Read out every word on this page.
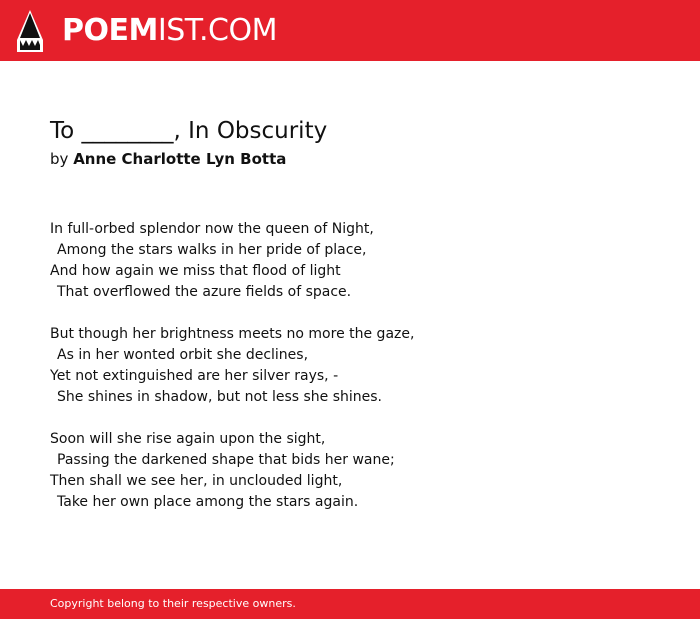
POEMIST.COM
To ________, In Obscurity
by Anne Charlotte Lyn Botta
In full-orbed splendor now the queen of Night,
Among the stars walks in her pride of place,
And how again we miss that flood of light
That overflowed the azure fields of space.
But though her brightness meets no more the gaze,
As in her wonted orbit she declines,
Yet not extinguished are her silver rays, -
She shines in shadow, but not less she shines.
Soon will she rise again upon the sight,
Passing the darkened shape that bids her wane;
Then shall we see her, in unclouded light,
Take her own place among the stars again.
Copyright belong to their respective owners.
